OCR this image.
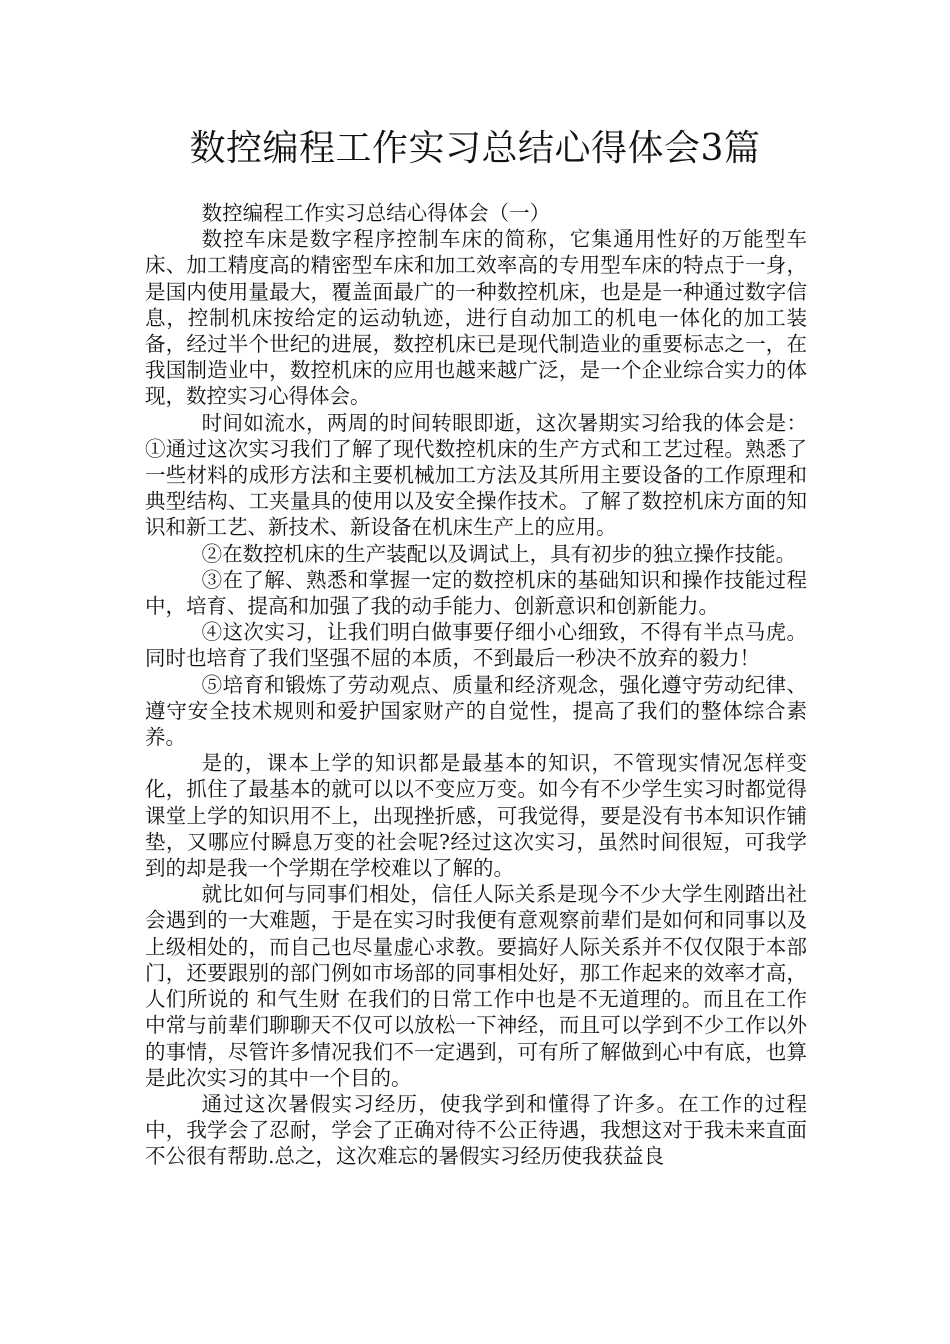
数控编程工作实习总结心得体会3篇

数控编程工作实习总结心得体会（一）

数控车床是数字程序控制车床的简称，它集通用性好的万能型车床、加工精度高的精密型车床和加工效率高的专用型车床的特点于一身，是国内使用量最大，覆盖面最广的一种数控机床，也是是一种通过数字信息，控制机床按给定的运动轨迹，进行自动加工的机电一体化的加工装备，经过半个世纪的进展，数控机床已是现代制造业的重要标志之一，在我国制造业中，数控机床的应用也越来越广泛，是一个企业综合实力的体现，数控实习心得体会。

时间如流水，两周的时间转眼即逝，这次暑期实习给我的体会是：①通过这次实习我们了解了现代数控机床的生产方式和工艺过程。熟悉了一些材料的成形方法和主要机械加工方法及其所用主要设备的工作原理和典型结构、工夹量具的使用以及安全操作技术。了解了数控机床方面的知识和新工艺、新技术、新设备在机床生产上的应用。

②在数控机床的生产装配以及调试上，具有初步的独立操作技能。

③在了解、熟悉和掌握一定的数控机床的基础知识和操作技能过程中，培育、提高和加强了我的动手能力、创新意识和创新能力。

④这次实习，让我们明白做事要仔细小心细致，不得有半点马虎。同时也培育了我们坚强不屈的本质，不到最后一秒决不放弃的毅力！

⑤培育和锻炼了劳动观点、质量和经济观念，强化遵守劳动纪律、遵守安全技术规则和爱护国家财产的自觉性，提高了我们的整体综合素养。

是的，课本上学的知识都是最基本的知识，不管现实情况怎样变化，抓住了最基本的就可以以不变应万变。如今有不少学生实习时都觉得课堂上学的知识用不上，出现挫折感，可我觉得，要是没有书本知识作铺垫，又哪应付瞬息万变的社会呢?经过这次实习，虽然时间很短，可我学到的却是我一个学期在学校难以了解的。

就比如何与同事们相处，信任人际关系是现今不少大学生刚踏出社会遇到的一大难题，于是在实习时我便有意观察前辈们是如何和同事以及上级相处的，而自己也尽量虚心求教。要搞好人际关系并不仅仅限于本部门，还要跟别的部门例如市场部的同事相处好，那工作起来的效率才高，人们所说的 和气生财 在我们的日常工作中也是不无道理的。而且在工作中常与前辈们聊聊天不仅可以放松一下神经，而且可以学到不少工作以外的事情，尽管许多情况我们不一定遇到，可有所了解做到心中有底，也算是此次实习的其中一个目的。

通过这次暑假实习经历，使我学到和懂得了许多。在工作的过程中，我学会了忍耐，学会了正确对待不公正待遇，我想这对于我未来直面不公很有帮助.总之，这次难忘的暑假实习经历使我获益良
